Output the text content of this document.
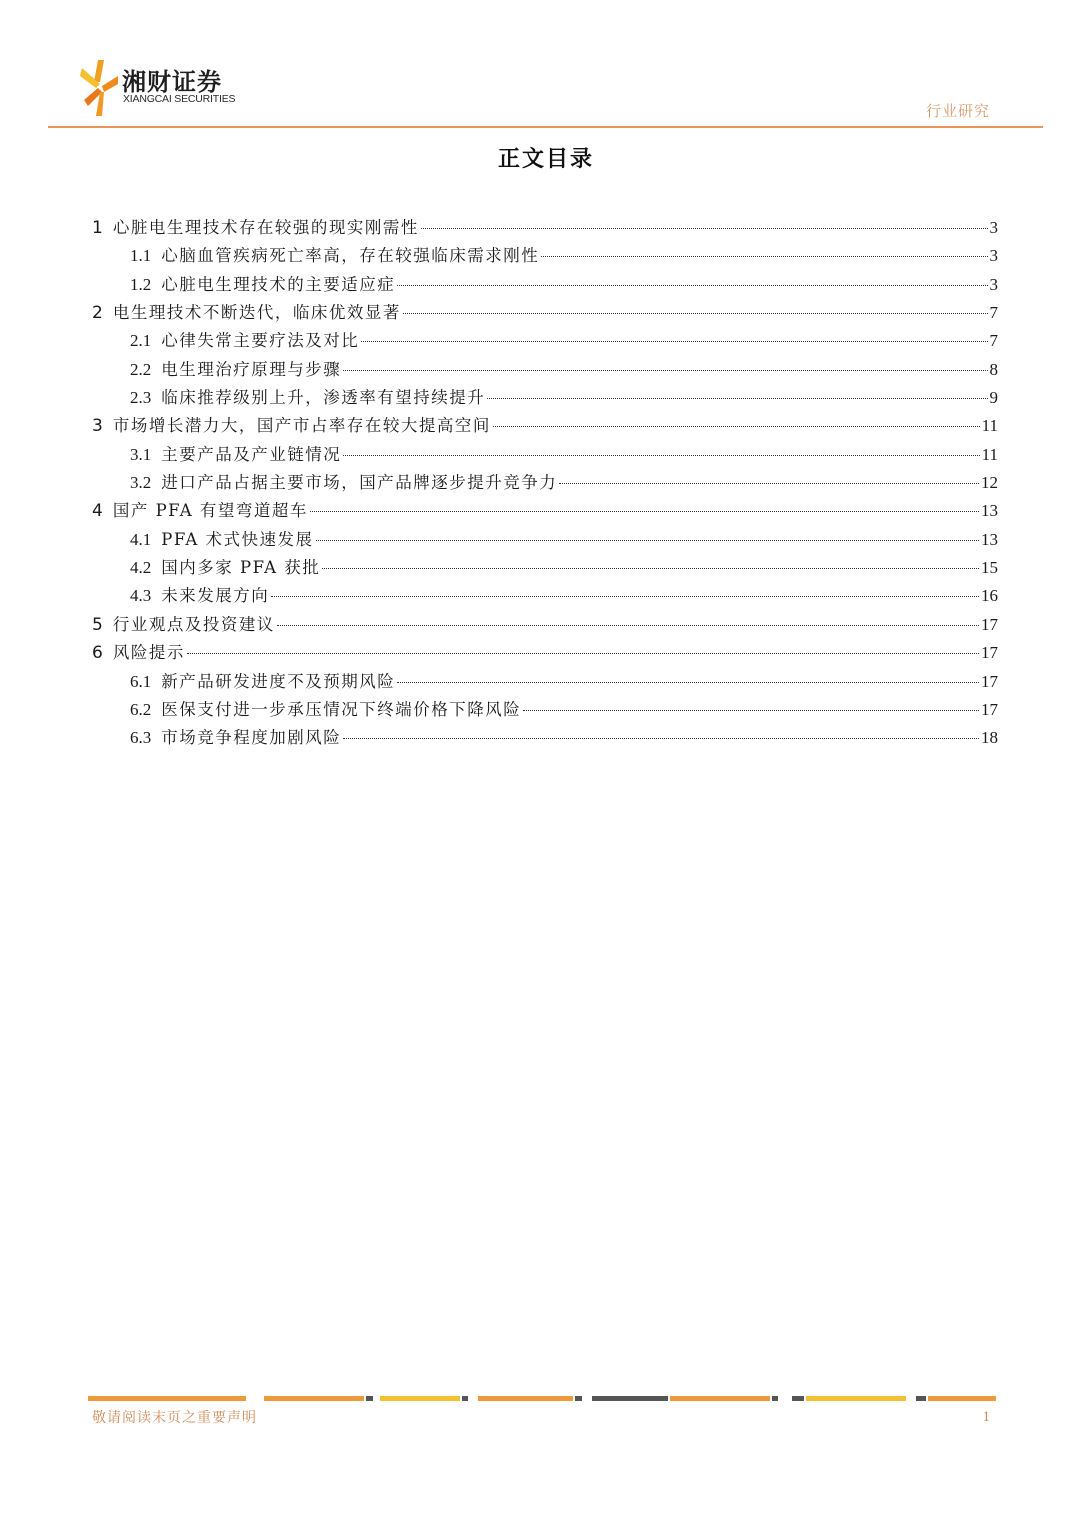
湘财证券
XIANGCAI SECURITIES
行业研究
正文目录
1 心脏电生理技术存在较强的现实刚需性	3
1.1 心脑血管疾病死亡率高，存在较强临床需求刚性	3
1.2 心脏电生理技术的主要适应症	3
2 电生理技术不断迭代，临床优效显著	7
2.1 心律失常主要疗法及对比	7
2.2 电生理治疗原理与步骤	8
2.3 临床推荐级别上升，渗透率有望持续提升	9
3 市场增长潜力大，国产市占率存在较大提高空间	11
3.1 主要产品及产业链情况	11
3.2 进口产品占据主要市场，国产品牌逐步提升竞争力	12
4 国产 PFA 有望弯道超车	13
4.1 PFA 术式快速发展	13
4.2 国内多家 PFA 获批	15
4.3 未来发展方向	16
5 行业观点及投资建议	17
6 风险提示	17
6.1 新产品研发进度不及预期风险	17
6.2 医保支付进一步承压情况下终端价格下降风险	17
6.3 市场竞争程度加剧风险	18
敬请阅读末页之重要声明	1
